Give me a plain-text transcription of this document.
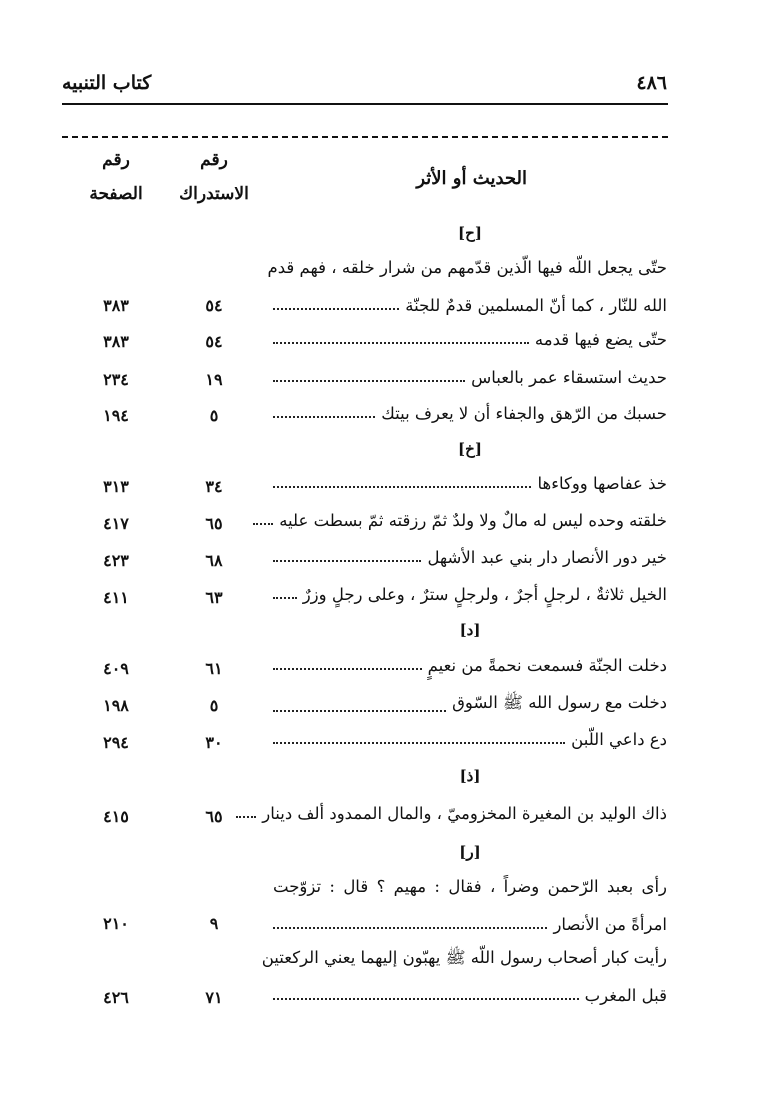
كتاب التنبيه	٤٨٦
الحديث أو الأثر
رقم
الاستدراك
رقم
الصفحة
[ح]
حتّى يجعل اللّه فيها الّذين قدّمهم من شرار خلقه ، فهم قدم
الله للنّار ، كما أنّ المسلمين قدمٌ للجنّة
٥٤
٣٨٣
حتّى يضع فيها قدمه
٥٤
٣٨٣
حديث استسقاء عمر بالعباس
١٩
٢٣٤
حسبك من الرّهق والجفاء أن لا يعرف بيتك
٥
١٩٤
[خ]
خذ عفاصها ووكاءها
٣٤
٣١٣
خلقته وحده ليس له مالٌ ولا ولدٌ ثمّ رزقته ثمّ بسطت عليه
٦٥
٤١٧
خير دور الأنصار دار بني عبد الأشهل
٦٨
٤٢٣
الخيل ثلاثةٌ ، لرجلٍ أجرٌ ، ولرجلٍ سترٌ ، وعلى رجلٍ وزرٌ
٦٣
٤١١
[د]
دخلت الجنّة فسمعت نحمةً من نعيمٍ
٦١
٤٠٩
دخلت مع رسول الله ﷺ السّوق
٥
١٩٨
دع داعي اللّبن
٣٠
٢٩٤
[ذ]
ذاك الوليد بن المغيرة المخزوميّ ، والمال الممدود ألف دينار
٦٥
٤١٥
[ر]
رأى بعبد الرّحمن وضراً ، فقال : مهيم ؟ قال : تزوّجت
امرأةً من الأنصار
٩
٢١٠
رأيت كبار أصحاب رسول اللّه ﷺ يهبّون إليهما يعني الركعتين
قبل المغرب
٧١
٤٢٦
